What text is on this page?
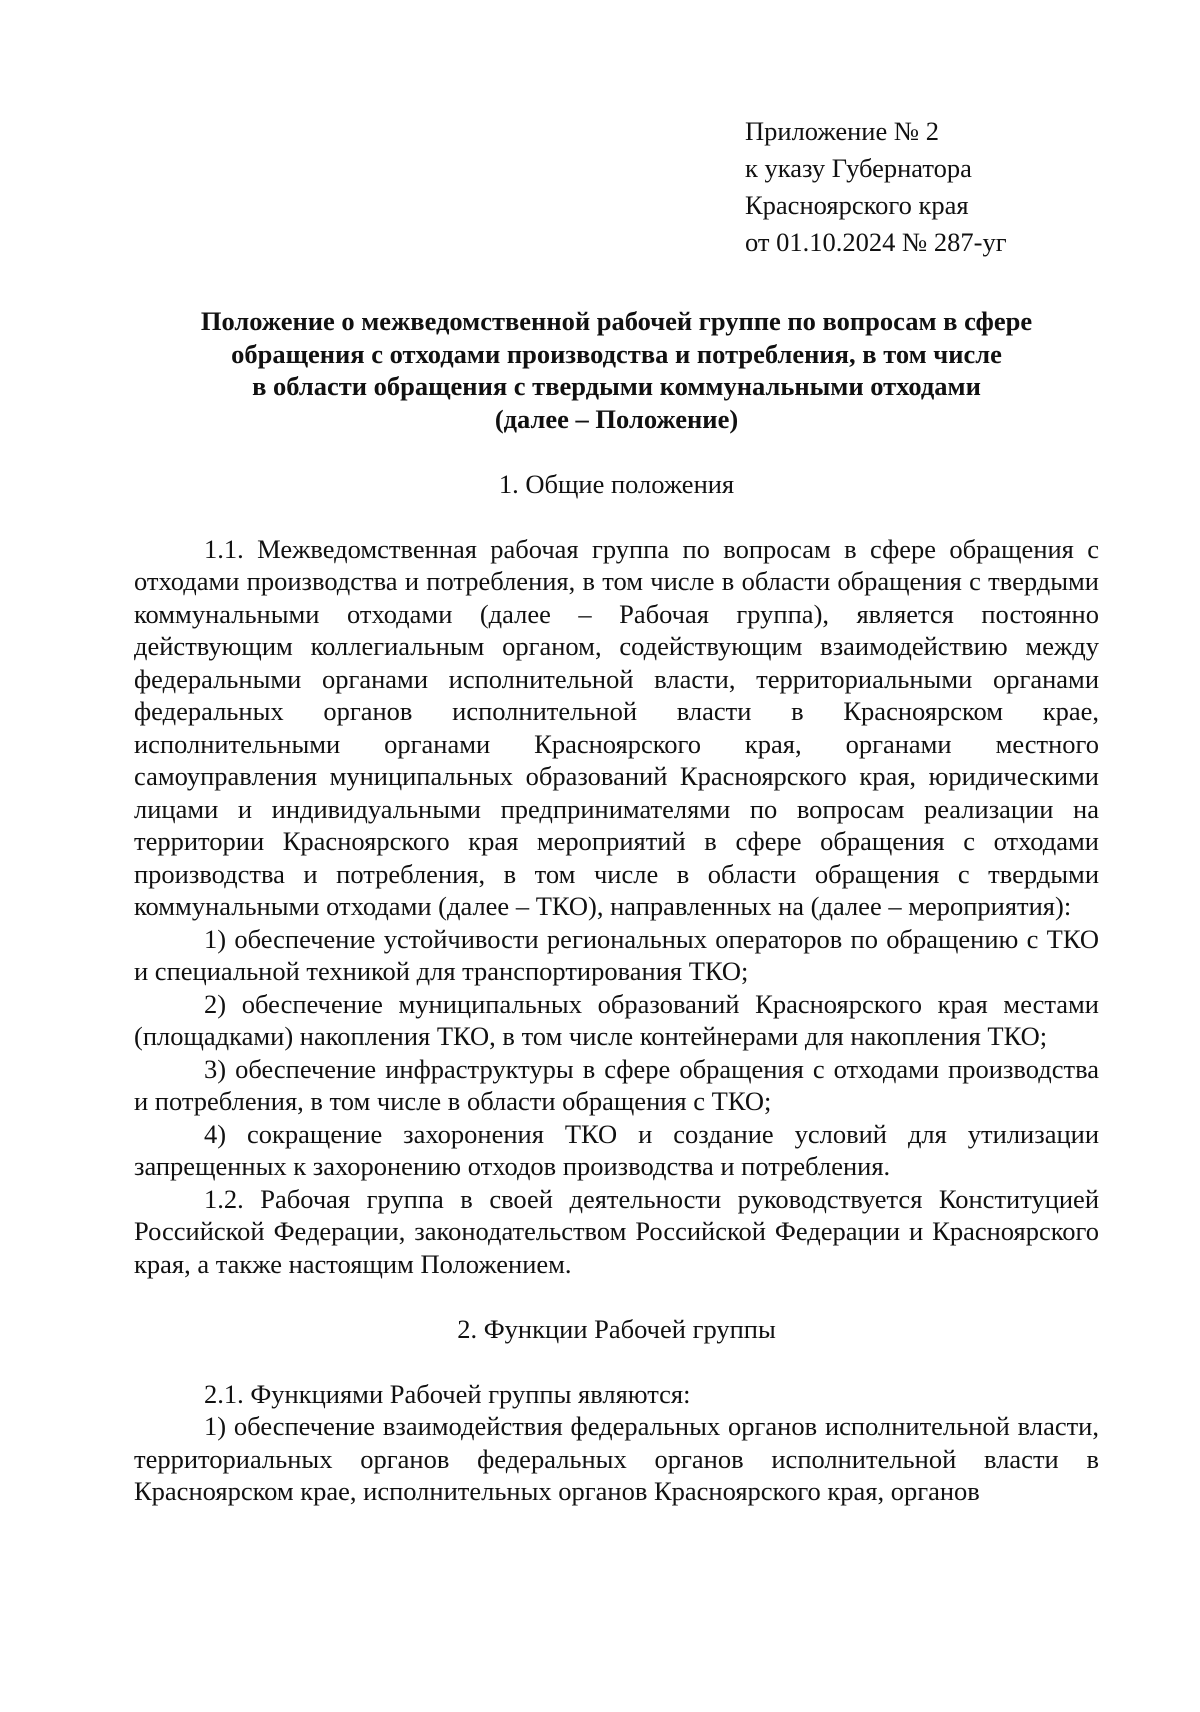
Приложение № 2
к указу Губернатора
Красноярского края
от 01.10.2024 № 287-уг
Положение о межведомственной рабочей группе по вопросам в сфере
обращения с отходами производства и потребления, в том числе
в области обращения с твердыми коммунальными отходами
(далее – Положение)
1. Общие положения

1.1. Межведомственная рабочая группа по вопросам в сфере обращения с отходами производства и потребления, в том числе в области обращения с твердыми коммунальными отходами (далее – Рабочая группа), является постоянно действующим коллегиальным органом, содействующим взаимодействию между федеральными органами исполнительной власти, территориальными органами федеральных органов исполнительной власти в Красноярском крае, исполнительными органами Красноярского края, органами местного самоуправления муниципальных образований Красноярского края, юридическими лицами и индивидуальными предпринимателями по вопросам реализации на территории Красноярского края мероприятий в сфере обращения с отходами производства и потребления, в том числе в области обращения с твердыми коммунальными отходами (далее – ТКО), направленных на (далее – мероприятия):

1) обеспечение устойчивости региональных операторов по обращению с ТКО и специальной техникой для транспортирования ТКО;

2) обеспечение муниципальных образований Красноярского края местами (площадками) накопления ТКО, в том числе контейнерами для накопления ТКО;

3) обеспечение инфраструктуры в сфере обращения с отходами производства и потребления, в том числе в области обращения с ТКО;

4) сокращение захоронения ТКО и создание условий для утилизации запрещенных к захоронению отходов производства и потребления.

1.2. Рабочая группа в своей деятельности руководствуется Конституцией Российской Федерации, законодательством Российской Федерации и Красноярского края, а также настоящим Положением.

2. Функции Рабочей группы

2.1. Функциями Рабочей группы являются:

1) обеспечение взаимодействия федеральных органов исполнительной власти, территориальных органов федеральных органов исполнительной власти в Красноярском крае, исполнительных органов Красноярского края, органов
